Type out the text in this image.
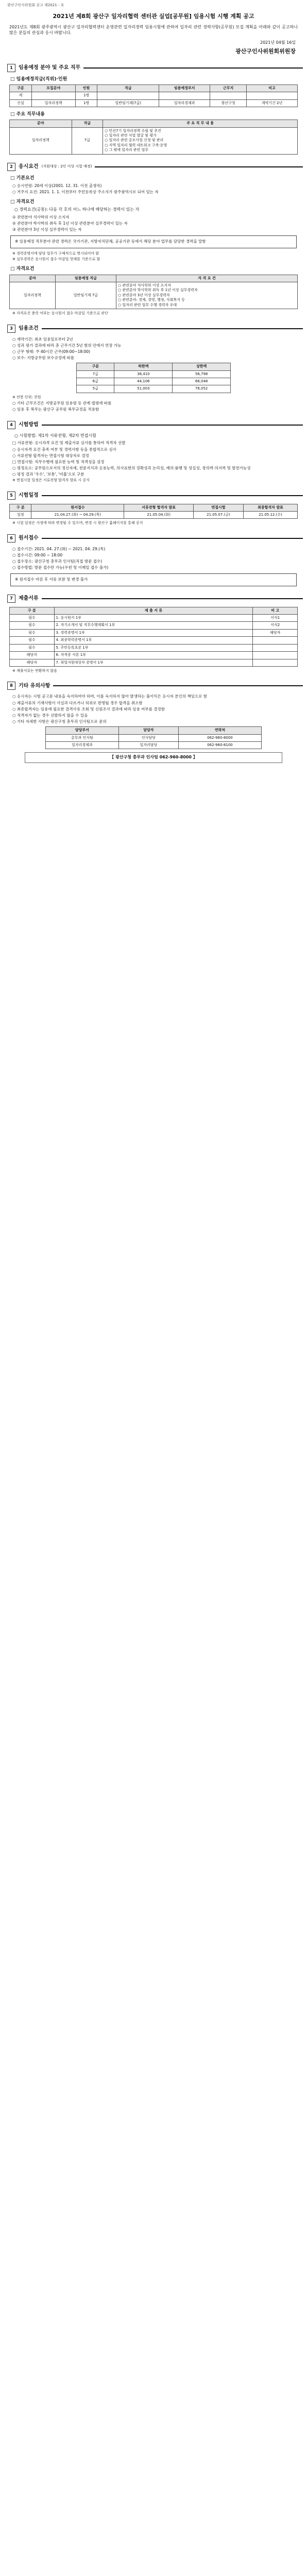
광산구인사위원회 공고 제2021 - 호
2021년 제8회 광산구 일자리협력 센터관 실업[공무원] 임용시험 시행 계획 공고
2021년도 제8회 광주광역시 광산구 일자리협력센터 운영관련 일자리경력 임용시험에 관하여 일자리 관련 경력사항(공무원) 모집 계획을 아래와 같이 공고하니 많은 분들의 관심과 응시 바랍니다.
2021년 04월 16일
광산구인사위원회위원장
1	임용예정 분야 및 주요 직무
□ 임용예정직급(직위)·인원
구분	모집분야	인원	직급	임용예정부서	근무지	비고
계		1명				
신설	일자리정책	1명	일반임기제(7급)	일자리경제과	광산구청	계약기간 2년
□ 주요 직무내용
분야	직급	주 요 직 무 내 용
일자리정책	7급	○ 민선7기 일자리정책 수립 및 추진
○ 일자리 관련 사업 발굴 및 평가
○ 일자리 관련 공모사업 신청 및 관리
○ 지역 일자리 협력 네트워크 구축·운영
○ 그 밖에 일자리 관련 업무
2	응시요건 (지원대상 : 2인 이상 시험 예정)
□ 기본요건
○ 응시연령: 20세 이상(2001. 12. 31. 이전 출생자)
○ 거주지 요건: 2021. 1. 1. 이전부터 주민등록상 주소지가 광주광역시로 되어 있는 자
□ 자격요건
○ 경력요건(공통): 다음 각 호의 어느 하나에 해당하는 경력이 있는 자
① 관련분야 석사학위 이상 소지자
② 관련분야 학사학위 취득 후 1년 이상 관련분야 실무경력이 있는 자
③ 관련분야 3년 이상 실무경력이 있는 자
※ 임용예정 직무분야 관련 경력은 국가기관, 지방자치단체, 공공기관 등에서 해당 분야 업무를 담당한 경력을 말함
※ 경력증명서에 담당 업무가 구체적으로 명시되어야 함
※ 실무경력은 응시원서 접수 마감일 현재를 기준으로 함
□ 자격요건
분야	임용예정 직급	자 격 요 건
일자리정책	일반임기제 7급	○ 관련분야 석사학위 이상 소지자
○ 관련분야 학사학위 취득 후 1년 이상 실무경력자
○ 관련분야 3년 이상 실무경력자
○ 관련분야: 경제, 경영, 행정, 사회복지 등
○ 일자리 관련 업무 수행 경력자 우대
※ 자격요건 충족 여부는 응시원서 접수 마감일 기준으로 판단
3	임용조건
○ 계약기간: 최초 임용일로부터 2년
○ 성과 평가 결과에 따라 총 근무기간 5년 범위 안에서 연장 가능
○ 근무 형태: 주 40시간 근무(09:00~18:00)
○ 보수: 지방공무원 보수규정에 따름
구분	하한액	상한액
7급	38,410	56,798
6급	44,106	66,048
5급	51,003	76,052
※ 연봉 단위: 천원
○ 기타 근무조건은 지방공무원 임용령 등 관계 법령에 따름
○ 임용 후 복무는 광산구 공무원 복무규정을 적용함
4	시험방법
○ 시험방법: 제1차 서류전형, 제2차 면접시험
□ 서류전형: 응시자격 요건 및 제출서류 심사를 통하여 적격자 선발
○ 응시자격 요건 충족 여부 및 경력사항 등을 종합적으로 심사
○ 서류전형 합격자는 면접시험 대상자로 결정
□ 면접시험: 직무수행에 필요한 능력 및 적격성을 검정
○ 평정요소: 공무원으로서의 정신자세, 전문지식과 응용능력, 의사표현의 정확성과 논리성, 예의·품행 및 성실성, 창의력·의지력 및 발전가능성
○ 평정 결과 '우수', '보통', '미흡'으로 구분
※ 면접시험 일정은 서류전형 합격자 발표 시 공지
5	시험일정
구 분	원서접수	서류전형 합격자 발표	면접시험	최종합격자 발표
일정	21.04.27.(화) ~ 04.29.(목)	21.05.04.(화)	21.05.07.(금)	21.05.12.(수)
※ 시험 일정은 사정에 따라 변경될 수 있으며, 변경 시 광산구 홈페이지를 통해 공지
6	원서접수
○ 접수기간: 2021. 04. 27.(화) ~ 2021. 04. 29.(목)
○ 접수시간: 09:00 ~ 18:00
○ 접수장소: 광산구청 총무과 인사팀(직접 방문 접수)
○ 접수방법: 방문 접수만 가능(우편 및 이메일 접수 불가)
※ 원서접수 마감 후 서류 보완 및 변경 불가
7	제출서류
구 분	제 출 서 류	비 고
필수	1. 응시원서 1부	서식1
필수	2. 자기소개서 및 직무수행계획서 1부	서식2
필수	3. 경력증명서 1부	해당자
필수	4. 최종학력증명서 1부	
필수	5. 주민등록초본 1부	
해당자	6. 자격증 사본 1부	
해당자	7. 취업지원대상자 증명서 1부	
※ 제출서류는 반환하지 않음
8	기타 유의사항
○ 응시자는 시험 공고문 내용을 숙지하여야 하며, 이를 숙지하지 않아 발생하는 불이익은 응시자 본인의 책임으로 함
○ 제출서류의 기재사항이 사실과 다르거나 허위로 판명될 경우 합격을 취소함
○ 최종합격자는 임용에 필요한 결격사유 조회 및 신원조사 결과에 따라 임용 여부를 결정함
○ 적격자가 없는 경우 선발하지 않을 수 있음
○ 기타 자세한 사항은 광산구청 총무과 인사팀으로 문의
담당부서	담당자	연락처
총무과 인사팀	인사담당	062-960-8000
일자리경제과	일자리담당	062-960-8100
【 광산구청 총무과 인사팀 062-960-8000 】
